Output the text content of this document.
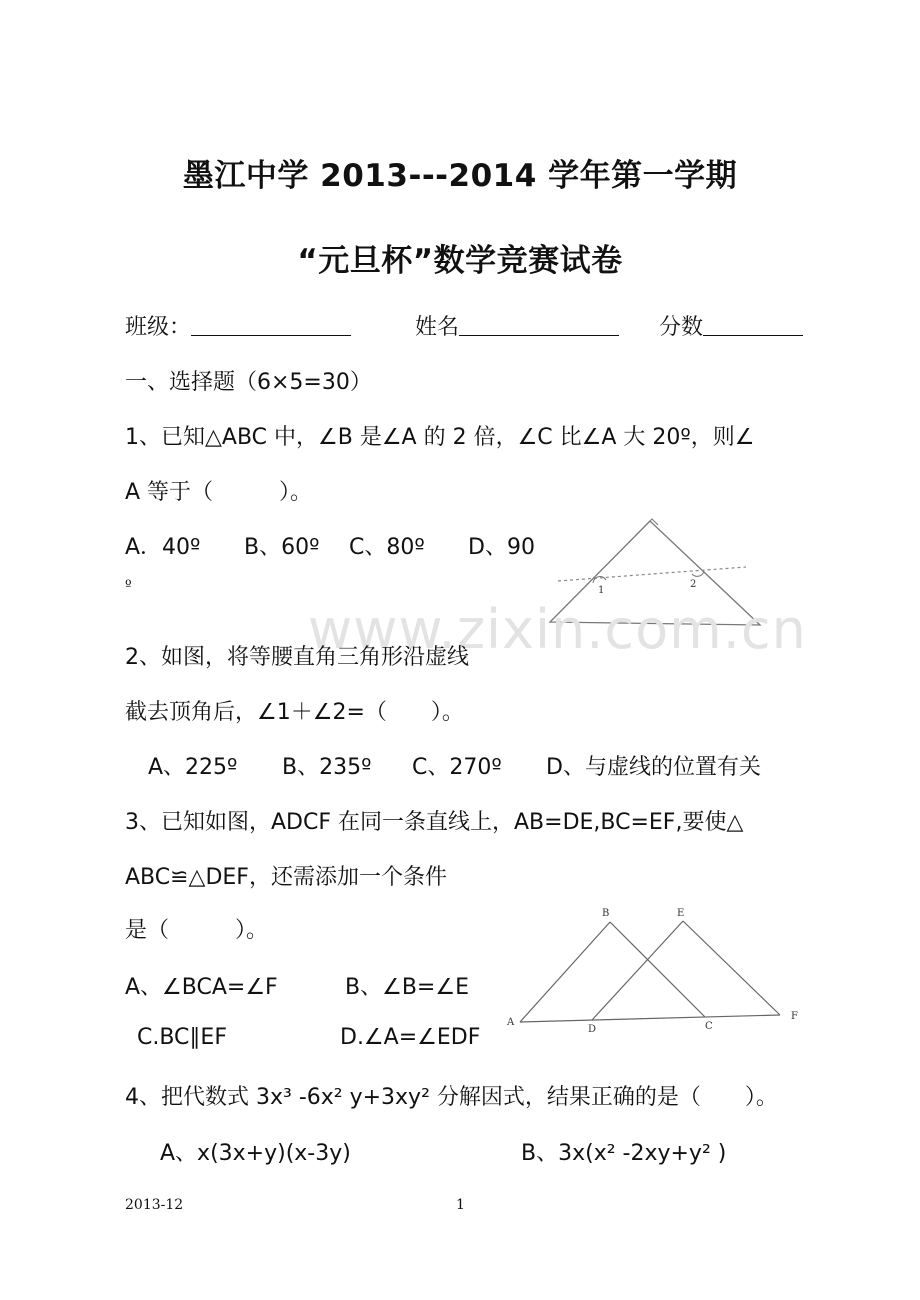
墨江中学 2013---2014 学年第一学期
“元旦杯”数学竞赛试卷
班级：	姓名	分数
一、选择题（6×5=30）
1、已知△ABC 中，∠B 是∠A 的 2 倍，∠C 比∠A 大 20º，则∠
A 等于（　　　）。
A．40º B、60º C、80º D、90
º	1
2
www.zixin.com.cn
2、如图，将等腰直角三角形沿虚线
截去顶角后，∠1＋∠2=（　　）。
A、225º B、235º C、270º D、与虚线的位置有关
3、已知如图，ADCF 在同一条直线上，AB=DE,BC=EF,要使△
ABC≌△DEF，还需添加一个条件
是（　　　）。
A、∠BCA=∠F	B、∠B=∠E
C.BC∥EF	D.∠A=∠EDF
A
B
C
D
E
F
4、把代数式 3x³ -6x² y+3xy² 分解因式，结果正确的是（　　）。
A、x(3x+y)(x-3y)	B、3x(x² -2xy+y² )
2013-12	1
